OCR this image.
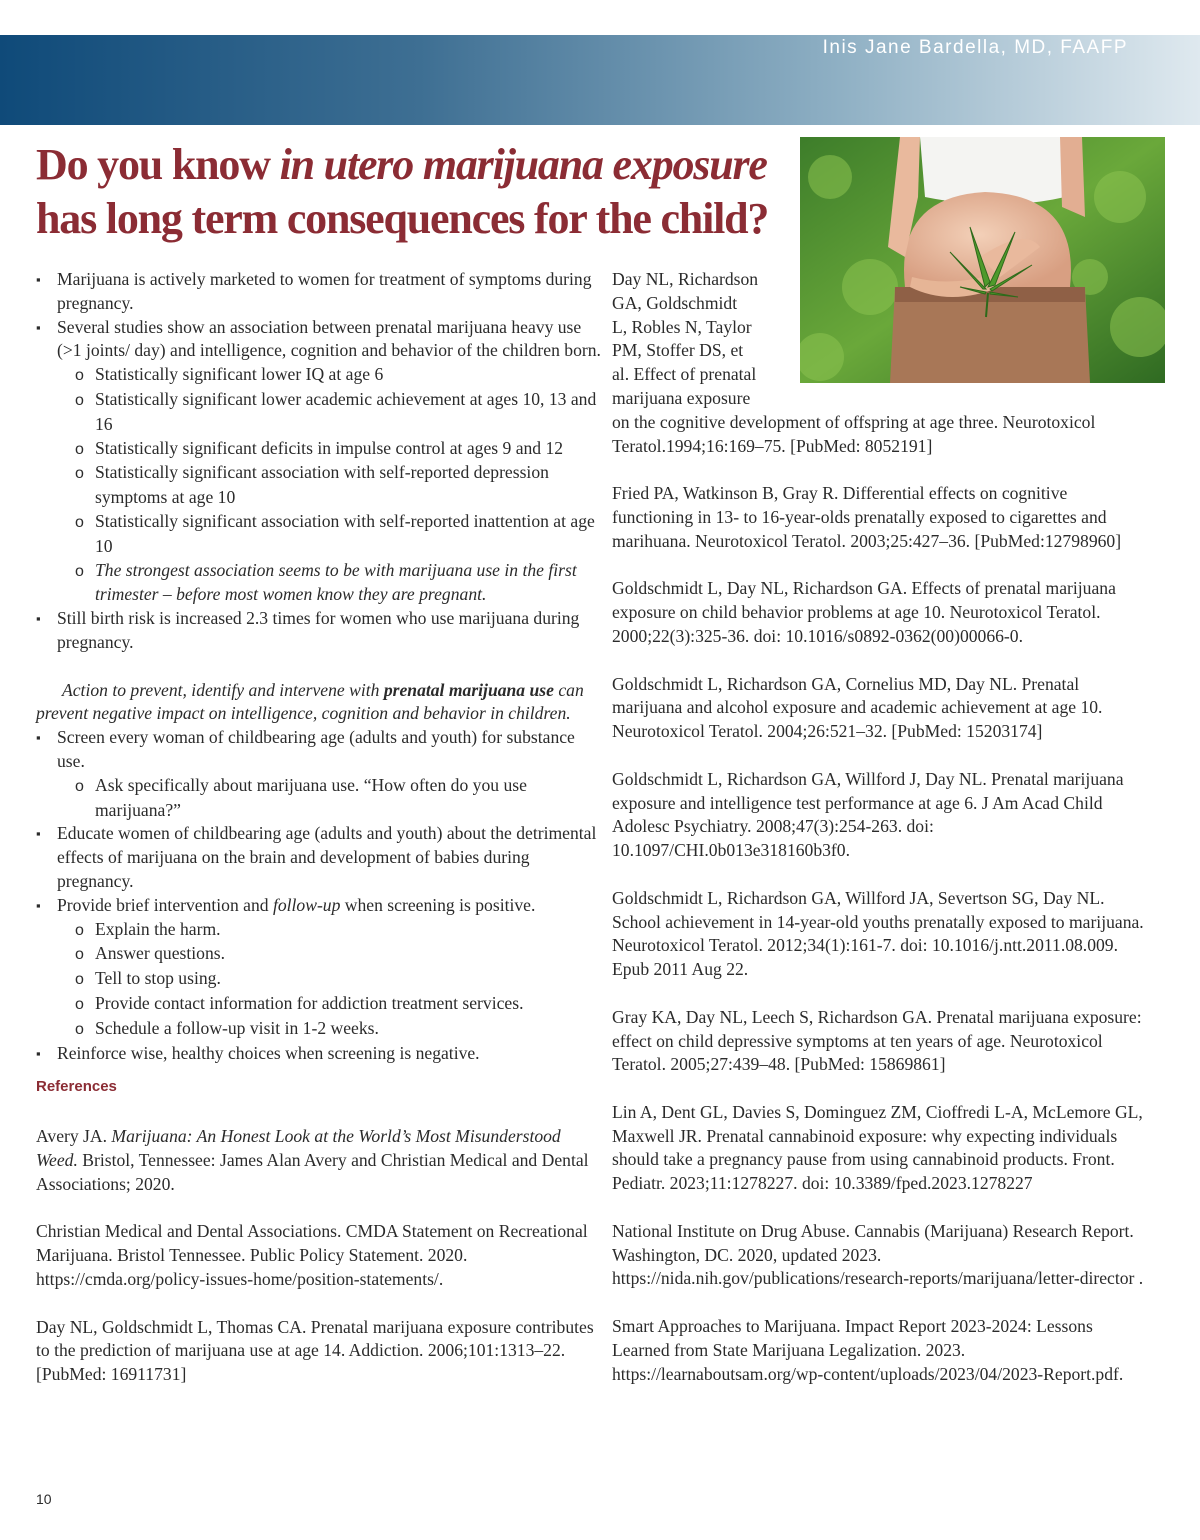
Inis Jane Bardella, MD, FAAFP
Do you know in utero marijuana exposure
has long term consequences for the child?
▪ Marijuana is actively marketed to women for treatment of symptoms during pregnancy.
▪ Several studies show an association between prenatal marijuana heavy use (>1 joints/ day) and intelligence, cognition and behavior of the children born.
o Statistically significant lower IQ at age 6
o Statistically significant lower academic achievement at ages 10, 13 and 16
o Statistically significant deficits in impulse control at ages 9 and 12
o Statistically significant association with self-reported depression symptoms at age 10
o Statistically significant association with self-reported inattention at age 10
o The strongest association seems to be with marijuana use in the first trimester – before most women know they are pregnant.
▪ Still birth risk is increased 2.3 times for women who use marijuana during pregnancy.
Action to prevent, identify and intervene with prenatal marijuana use can prevent negative impact on intelligence, cognition and behavior in children.
▪ Screen every woman of childbearing age (adults and youth) for substance use.
o Ask specifically about marijuana use. “How often do you use marijuana?”
▪ Educate women of childbearing age (adults and youth) about the detrimental effects of marijuana on the brain and development of babies during pregnancy.
▪ Provide brief intervention and follow-up when screening is positive.
o Explain the harm.
o Answer questions.
o Tell to stop using.
o Provide contact information for addiction treatment services.
o Schedule a follow-up visit in 1-2 weeks.
▪ Reinforce wise, healthy choices when screening is negative.
References
Avery JA. Marijuana: An Honest Look at the World’s Most Misunderstood Weed. Bristol, Tennessee: James Alan Avery and Christian Medical and Dental Associations; 2020.
Christian Medical and Dental Associations. CMDA Statement on Recreational Marijuana. Bristol Tennessee. Public Policy Statement. 2020. https://cmda.org/policy-issues-home/position-statements/.
Day NL, Goldschmidt L, Thomas CA. Prenatal marijuana exposure contributes to the prediction of marijuana use at age 14. Addiction. 2006;101:1313–22. [PubMed: 16911731]
Day NL, Richardson
GA, Goldschmidt
L, Robles N, Taylor
PM, Stoffer DS, et
al. Effect of prenatal
marijuana exposure
on the cognitive development of offspring at age three. Neurotoxicol Teratol.1994;16:169–75. [PubMed: 8052191]
Fried PA, Watkinson B, Gray R. Differential effects on cognitive functioning in 13- to 16-year-olds prenatally exposed to cigarettes and marihuana. Neurotoxicol Teratol. 2003;25:427–36. [PubMed:12798960]
Goldschmidt L, Day NL, Richardson GA. Effects of prenatal marijuana exposure on child behavior problems at age 10. Neurotoxicol Teratol. 2000;22(3):325-36. doi: 10.1016/s0892-0362(00)00066-0.
Goldschmidt L, Richardson GA, Cornelius MD, Day NL. Prenatal marijuana and alcohol exposure and academic achievement at age 10. Neurotoxicol Teratol. 2004;26:521–32. [PubMed: 15203174]
Goldschmidt L, Richardson GA, Willford J, Day NL. Prenatal marijuana exposure and intelligence test performance at age 6. J Am Acad Child Adolesc Psychiatry. 2008;47(3):254-263. doi: 10.1097/CHI.0b013e318160b3f0.
Goldschmidt L, Richardson GA, Willford JA, Severtson SG, Day NL. School achievement in 14-year-old youths prenatally exposed to marijuana. Neurotoxicol Teratol. 2012;34(1):161-7. doi: 10.1016/j.ntt.2011.08.009. Epub 2011 Aug 22.
Gray KA, Day NL, Leech S, Richardson GA. Prenatal marijuana exposure: effect on child depressive symptoms at ten years of age. Neurotoxicol Teratol. 2005;27:439–48. [PubMed: 15869861]
Lin A, Dent GL, Davies S, Dominguez ZM, Cioffredi L-A, McLemore GL, Maxwell JR. Prenatal cannabinoid exposure: why expecting individuals should take a pregnancy pause from using cannabinoid products. Front. Pediatr. 2023;11:1278227. doi: 10.3389/fped.2023.1278227
National Institute on Drug Abuse. Cannabis (Marijuana) Research Report. Washington, DC. 2020, updated 2023. https://nida.nih.gov/publications/research-reports/marijuana/letter-director .
Smart Approaches to Marijuana. Impact Report 2023-2024: Lessons Learned from State Marijuana Legalization. 2023. https://learnaboutsam.org/wp-content/uploads/2023/04/2023-Report.pdf.
10
